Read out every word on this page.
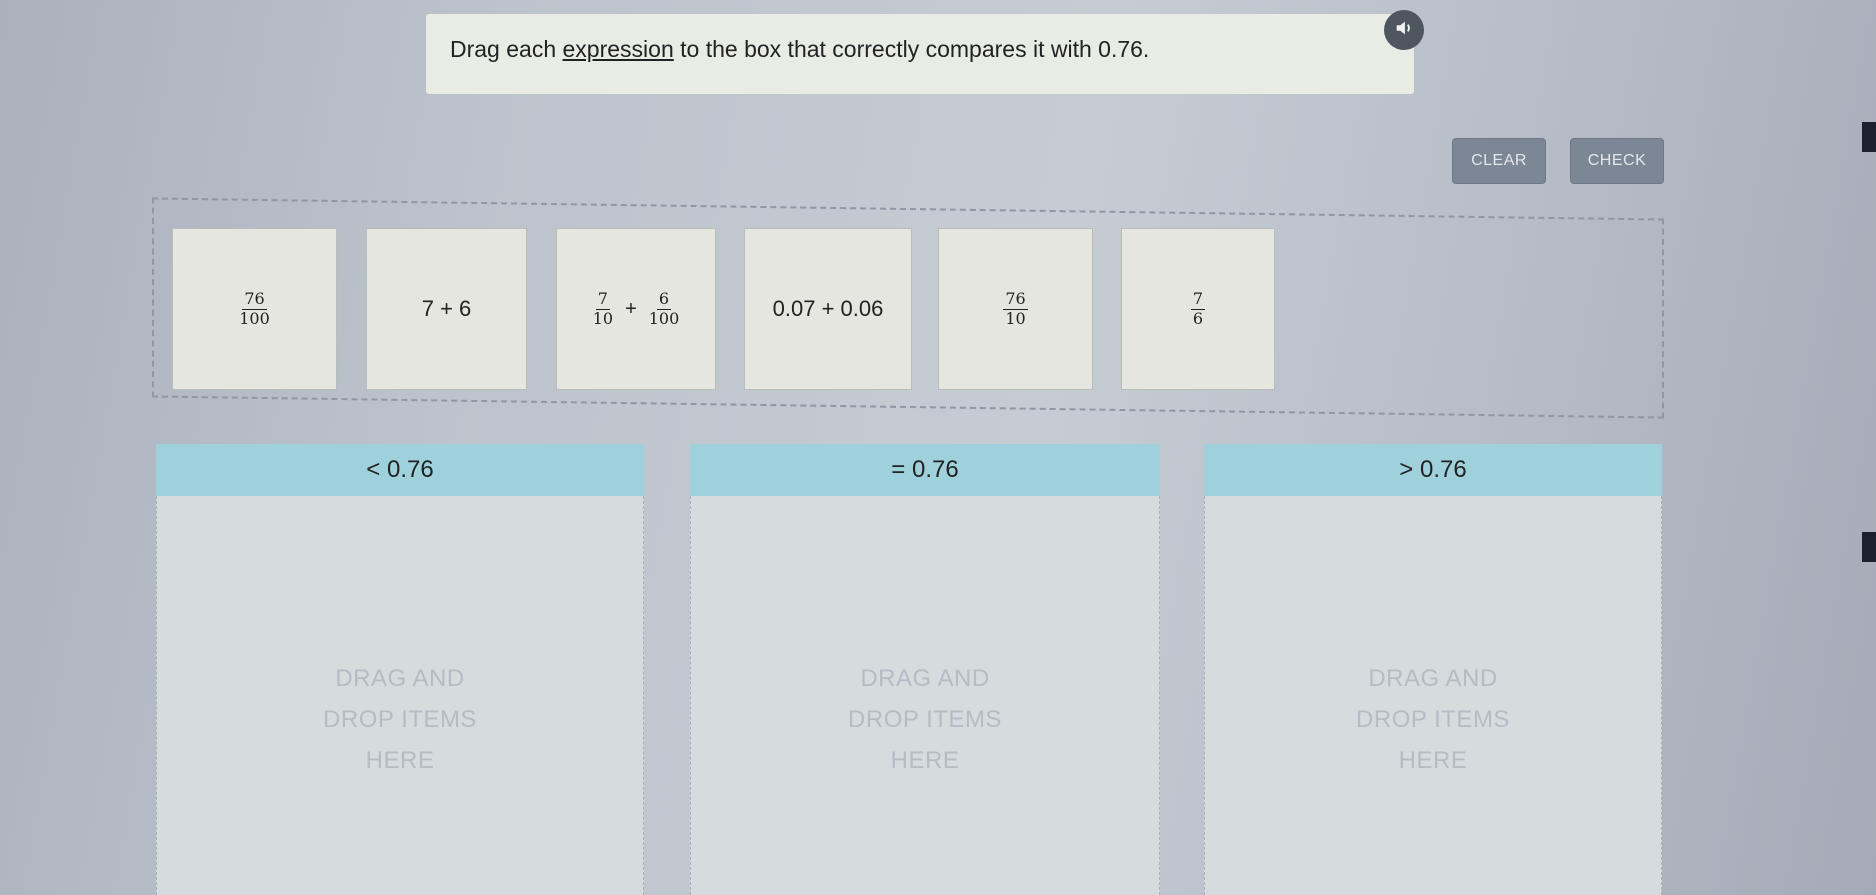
Drag each expression to the box that correctly compares it with 0.76.
CLEAR	CHECK
$\frac{76}{100}$	7 + 6	$\frac{7}{10} + \frac{6}{100}$	0.07 + 0.06	$\frac{76}{10}$	$\frac{7}{6}$
< 0.76
DRAG AND DROP ITEMS HERE
= 0.76
DRAG AND DROP ITEMS HERE
> 0.76
DRAG AND DROP ITEMS HERE
